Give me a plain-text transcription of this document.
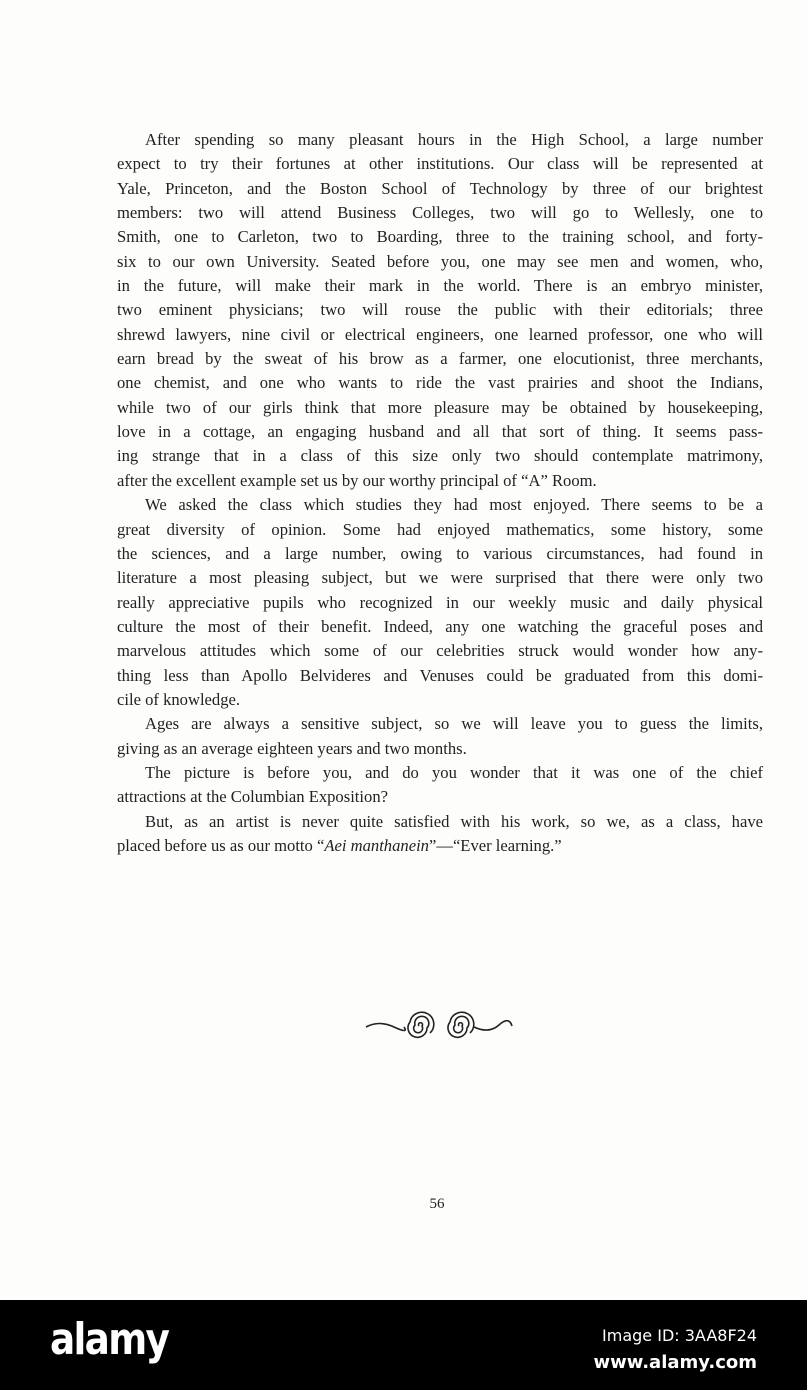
After spending so many pleasant hours in the High School, a large number
expect to try their fortunes at other institutions. Our class will be represented at
Yale, Princeton, and the Boston School of Technology by three of our brightest
members: two will attend Business Colleges, two will go to Wellesly, one to
Smith, one to Carleton, two to Boarding, three to the training school, and forty-
six to our own University. Seated before you, one may see men and women, who,
in the future, will make their mark in the world. There is an embryo minister,
two eminent physicians; two will rouse the public with their editorials; three
shrewd lawyers, nine civil or electrical engineers, one learned professor, one who will
earn bread by the sweat of his brow as a farmer, one elocutionist, three merchants,
one chemist, and one who wants to ride the vast prairies and shoot the Indians,
while two of our girls think that more pleasure may be obtained by housekeeping,
love in a cottage, an engaging husband and all that sort of thing. It seems pass-
ing strange that in a class of this size only two should contemplate matrimony,
after the excellent example set us by our worthy principal of “A” Room.
We asked the class which studies they had most enjoyed. There seems to be a
great diversity of opinion. Some had enjoyed mathematics, some history, some
the sciences, and a large number, owing to various circumstances, had found in
literature a most pleasing subject, but we were surprised that there were only two
really appreciative pupils who recognized in our weekly music and daily physical
culture the most of their benefit. Indeed, any one watching the graceful poses and
marvelous attitudes which some of our celebrities struck would wonder how any-
thing less than Apollo Belvideres and Venuses could be graduated from this domi-
cile of knowledge.
Ages are always a sensitive subject, so we will leave you to guess the limits,
giving as an average eighteen years and two months.
The picture is before you, and do you wonder that it was one of the chief
attractions at the Columbian Exposition?
But, as an artist is never quite satisfied with his work, so we, as a class, have
placed before us as our motto “Aei manthanein”—“Ever learning.”
56
alamy	Image ID: 3AA8F24
www.alamy.com
